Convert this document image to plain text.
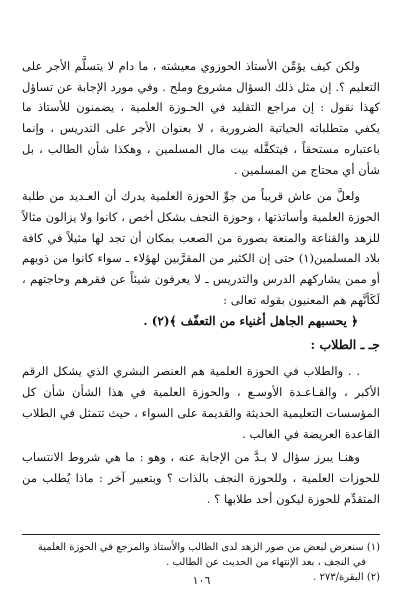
ولكن كيف يؤمِّن الأستاذ الحوزوي معيشته ، ما دام لا يتسلَّم الأجر على التعليم ؟. إن مثل ذلك السؤال مشروع وملح . وفي مورد الإجابة عن تساؤل كهذا نقول : إن مراجع التقليد في الحـوزة العلمية ، يضمنون للأستاذ ما يكفي متطلباته الحياتية الضرورية ، لا بعنوان الأجر على التدريس ، وإنما باعتباره مستحقاً ، فيتكفَّله بيت مال المسلمين ، وهكذا شأن الطالب ، بل شأن أي محتاج من المسلمين .

ولعلَّ من عاش قريباً من جوِّ الحوزة العلمية يدرك أن العـديد من طلبة الحوزة العلمية وأساتذتها ، وحوزة النجف بشكل أخص ، كانوا ولا يزالون مثالاً للزهد والقناعة والمنعة بصورة من الصعب بمكان أن تجد لها مثيلاً في كافة بلاد المسلمين(١) حتى إن الكثير من المقرَّبين لهؤلاء ـ سواء كانوا من ذويهم أو ممن يشاركهم الدرس والتدريس ـ لا يعرفون شيئاً عن فقرهم وحاجتهم ، لَكَأنَّهم هم المعنيون بقوله تعالى :

﴿ يحسبهم الجاهل أغنياء من التعفّف ﴾(٢) .

جـ ـ الطلاب :

. . والطلاب في الحوزة العلمية هم العنصر البشري الذي يشكل الرقم الأكبر ، والقـاعـدة الأوسـع ، والحوزة العلمية في هذا الشأن شأن كل المؤسسات التعليمية الحديثة والقديمة على السواء ، حيث تتمثل في الطلاب القاعدة العريضة في الغالب .

وهنـا يبرز سؤال لا بـدَّ من الإجابة عنه ، وهو : ما هي شروط الانتساب للحوزات العلمية ، وللحوزة النجف بالذات ؟ وبتعبير آخر : ماذا يُطلب من المتقدِّم للحوزة ليكون أحد طلابها ؟ .

(١) سنعرض لبعض من صور الزهد لدى الطالب والأستاذ والمرجع في الحوزة العلمية

في النجف ، بعد الإنتهاء من الحديث عن الطالب .

(٢) البقرة/٢٧٣ .

١٠٦
